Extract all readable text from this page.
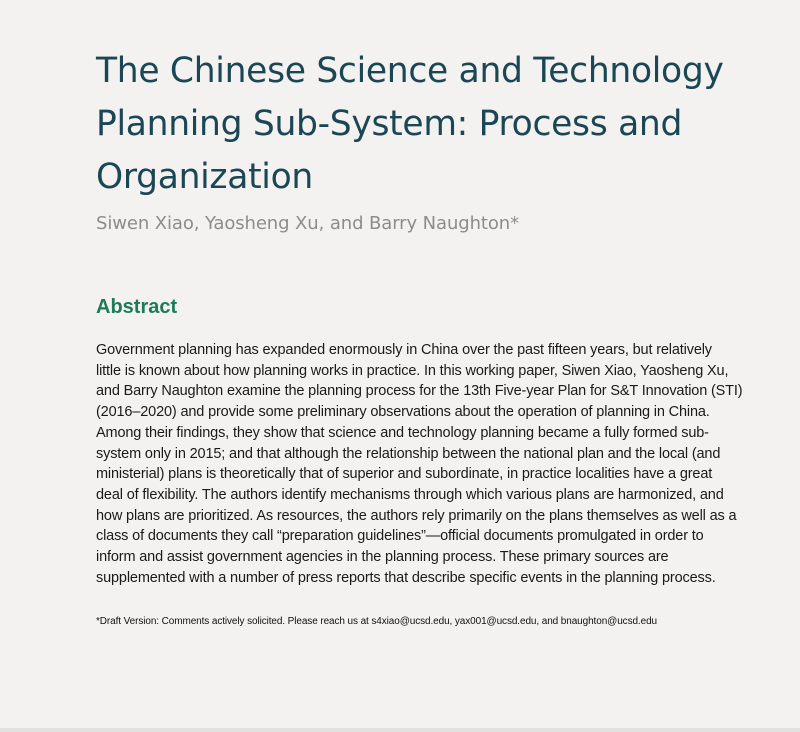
The Chinese Science and Technology
Planning Sub-System: Process and
Organization

Siwen Xiao, Yaosheng Xu, and Barry Naughton*

Abstract
Government planning has expanded enormously in China over the past fifteen years, but relatively
little is known about how planning works in practice. In this working paper, Siwen Xiao, Yaosheng Xu,
and Barry Naughton examine the planning process for the 13th Five-year Plan for S&T Innovation (STI)
(2016–2020) and provide some preliminary observations about the operation of planning in China.
Among their findings, they show that science and technology planning became a fully formed sub-
system only in 2015; and that although the relationship between the national plan and the local (and
ministerial) plans is theoretically that of superior and subordinate, in practice localities have a great
deal of flexibility. The authors identify mechanisms through which various plans are harmonized, and
how plans are prioritized. As resources, the authors rely primarily on the plans themselves as well as a
class of documents they call “preparation guidelines”—official documents promulgated in order to
inform and assist government agencies in the planning process. These primary sources are
supplemented with a number of press reports that describe specific events in the planning process.

*Draft Version: Comments actively solicited. Please reach us at s4xiao@ucsd.edu, yax001@ucsd.edu, and bnaughton@ucsd.edu
